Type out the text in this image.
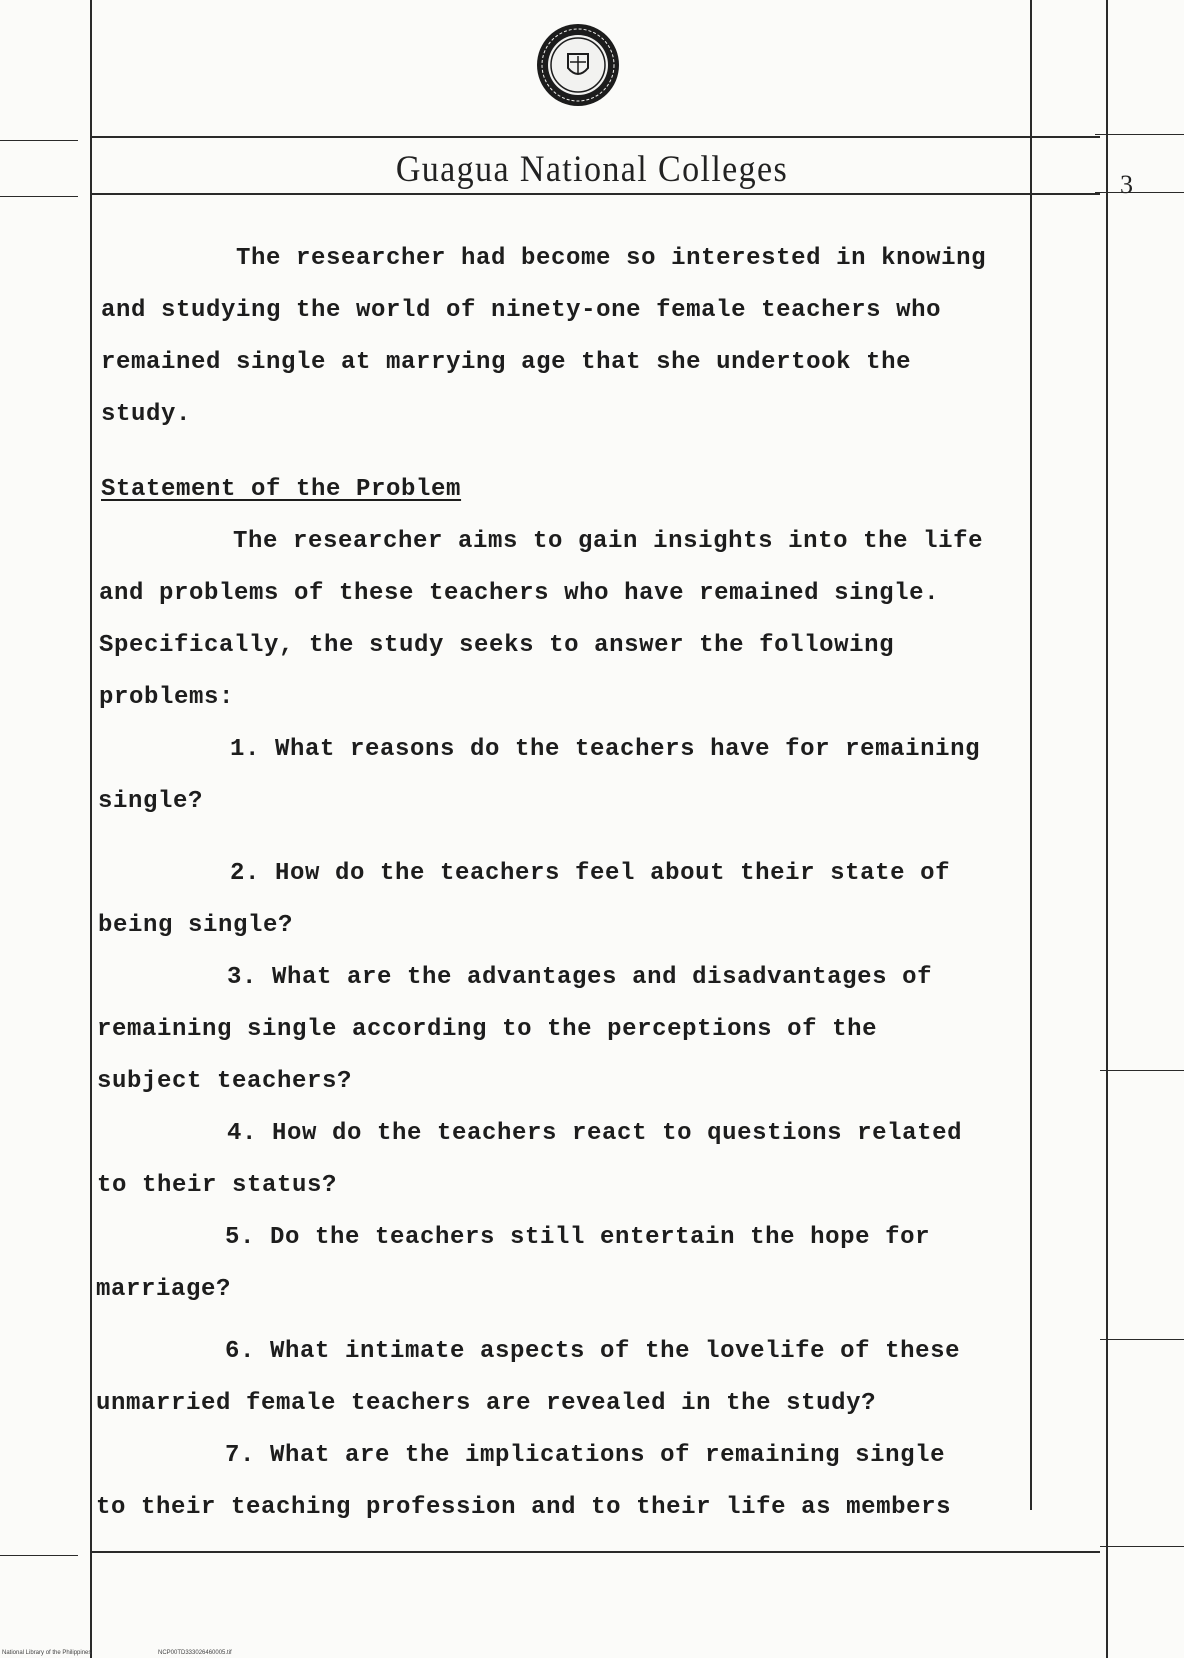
Guagua National Colleges	3
The researcher had become so interested in knowing
and studying the world of ninety-one female teachers who
remained single at marrying age that she undertook the
study.
Statement of the Problem
The researcher aims to gain insights into the life
and problems of these teachers who have remained single.
Specifically, the study seeks to answer the following
problems:
1. What reasons do the teachers have for remaining
single?
2. How do the teachers feel about their state of
being single?
3. What are the advantages and disadvantages of
remaining single according to the perceptions of the
subject teachers?
4. How do the teachers react to questions related
to their status?
5. Do the teachers still entertain the hope for
marriage?
6. What intimate aspects of the lovelife of these
unmarried female teachers are revealed in the study?
7. What are the implications of remaining single
to their teaching profession and to their life as members
National Library of the Philippines	NCP00TD333026460005.tif
